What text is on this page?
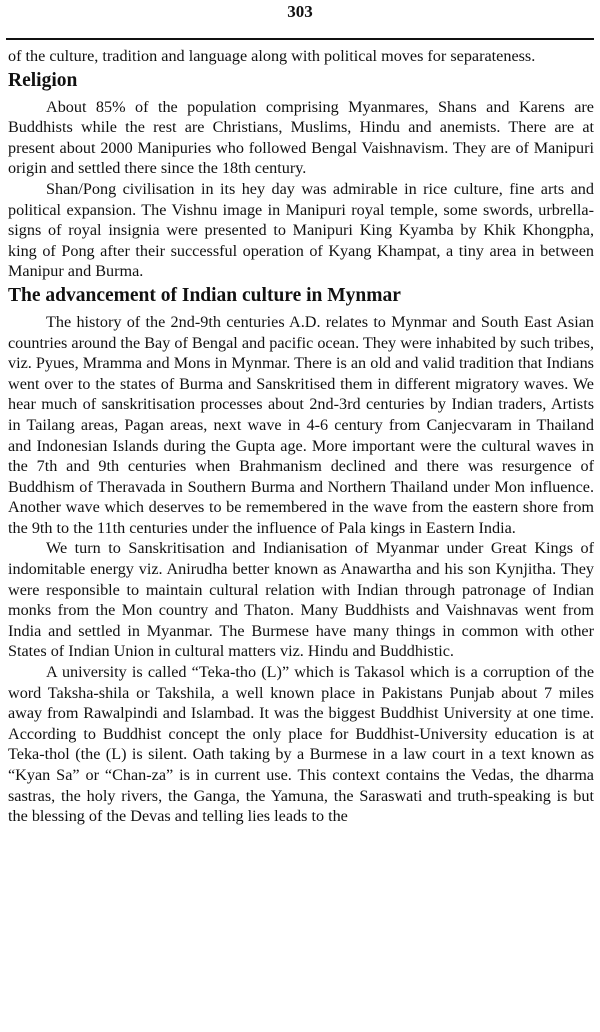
303

of the culture, tradition and language along with political moves for separateness.

Religion

About 85% of the population comprising Myanmares, Shans and Karens are Buddhists while the rest are Christians, Muslims, Hindu and anemists. There are at present about 2000 Manipuries who followed Bengal Vaishnavism. They are of Manipuri origin and settled there since the 18th century.

Shan/Pong civilisation in its hey day was admirable in rice culture, fine arts and political expansion. The Vishnu image in Manipuri royal temple, some swords, urbrella-signs of royal insignia were presented to Manipuri King Kyamba by Khik Khongpha, king of Pong after their successful operation of Kyang Khampat, a tiny area in between Manipur and Burma.

The advancement of Indian culture in Mynmar

The history of the 2nd-9th centuries A.D. relates to Mynmar and South East Asian countries around the Bay of Bengal and pacific ocean. They were inhabited by such tribes, viz. Pyues, Mramma and Mons in Mynmar. There is an old and valid tradition that Indians went over to the states of Burma and Sanskritised them in different migratory waves. We hear much of sanskritisation processes about 2nd-3rd centuries by Indian traders, Artists in Tailang areas, Pagan areas, next wave in 4-6 century from Canjecvaram in Thailand and Indonesian Islands during the Gupta age. More important were the cultural waves in the 7th and 9th centuries when Brahmanism declined and there was resurgence of Buddhism of Theravada in Southern Burma and Northern Thailand under Mon influence. Another wave which deserves to be remembered in the wave from the eastern shore from the 9th to the 11th centuries under the influence of Pala kings in Eastern India.

We turn to Sanskritisation and Indianisation of Myanmar under Great Kings of indomitable energy viz. Anirudha better known as Anawartha and his son Kynjitha. They were responsible to maintain cultural relation with Indian through patronage of Indian monks from the Mon country and Thaton. Many Buddhists and Vaishnavas went from India and settled in Myanmar. The Burmese have many things in common with other States of Indian Union in cultural matters viz. Hindu and Buddhistic.

A university is called “Teka-tho (L)” which is Takasol which is a corruption of the word Taksha-shila or Takshila, a well known place in Pakistans Punjab about 7 miles away from Rawalpindi and Islambad. It was the biggest Buddhist University at one time. According to Buddhist concept the only place for Buddhist-University education is at Teka-thol (the (L) is silent. Oath taking by a Burmese in a law court in a text known as “Kyan Sa” or “Chan-za” is in current use. This context contains the Vedas, the dharma sastras, the holy rivers, the Ganga, the Yamuna, the Saraswati and truth-speaking is but the blessing of the Devas and telling lies leads to the
